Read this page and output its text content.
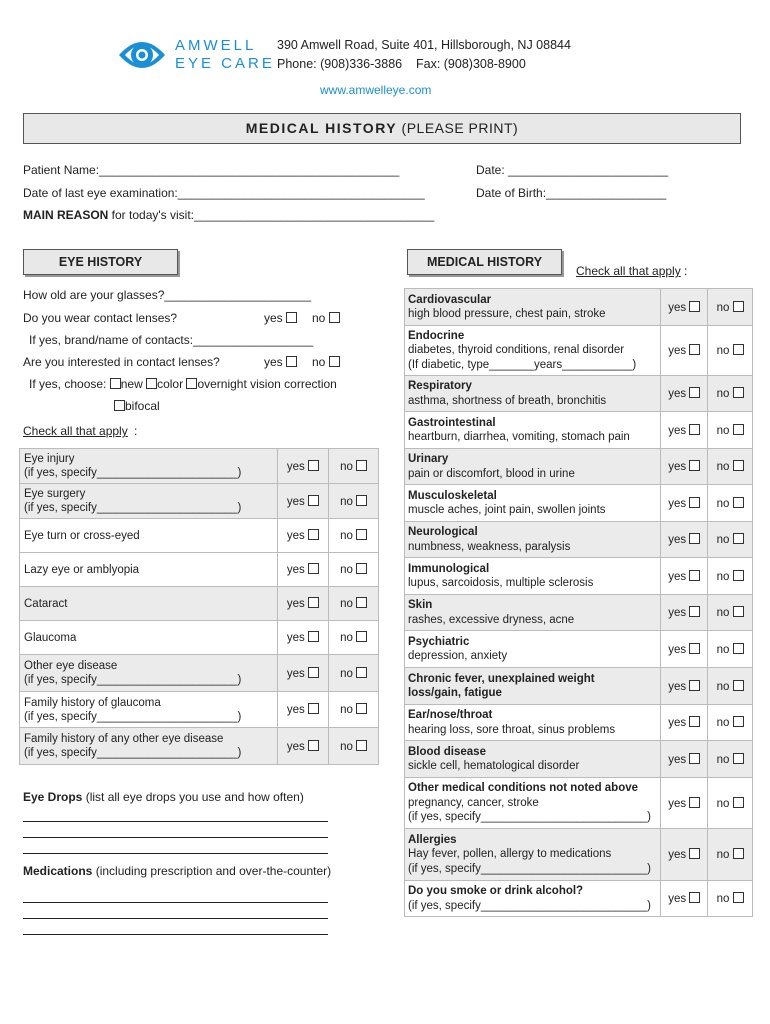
AMWELL
EYE CARE
390 Amwell Road, Suite 401, Hillsborough, NJ 08844
Phone: (908)336-3886    Fax: (908)308-8900
www.amwelleye.com
MEDICAL HISTORY (PLEASE PRINT)
Patient Name:_____________________________________________	Date: ________________________
Date of last eye examination:_____________________________________	Date of Birth:__________________
MAIN REASON for today's visit:____________________________________
EYE HISTORY
How old are your glasses?______________________
Do you wear contact lenses?	yes	no
If yes, brand/name of contacts:__________________
Are you interested in contact lenses?	yes	no
If yes, choose: new color overnight vision correction
bifocal
Check all that apply :
Eye injury
(if yes, specify______________________)	yes	no

Eye surgery
(if yes, specify______________________)	yes	no

Eye turn or cross-eyed	yes	no

Lazy eye or amblyopia	yes	no

Cataract	yes	no

Glaucoma	yes	no

Other eye disease
(if yes, specify______________________)	yes	no

Family history of glaucoma
(if yes, specify______________________)	yes	no

Family history of any other eye disease
(if yes, specify______________________)	yes	no
Eye Drops (list all eye drops you use and how often)
Medications (including prescription and over-the-counter)
MEDICAL HISTORY
Check all that apply :
Cardiovascular
high blood pressure, chest pain, stroke	yes	no

Endocrine
diabetes, thyroid conditions, renal disorder
(If diabetic, type_______years___________)	yes	no

Respiratory
asthma, shortness of breath, bronchitis	yes	no

Gastrointestinal
heartburn, diarrhea, vomiting, stomach pain	yes	no

Urinary
pain or discomfort, blood in urine	yes	no

Musculoskeletal
muscle aches, joint pain, swollen joints	yes	no

Neurological
numbness, weakness, paralysis	yes	no

Immunological
lupus, sarcoidosis, multiple sclerosis	yes	no

Skin
rashes, excessive dryness, acne	yes	no

Psychiatric
depression, anxiety	yes	no

Chronic fever, unexplained weight
loss/gain, fatigue	yes	no

Ear/nose/throat
hearing loss, sore throat, sinus problems	yes	no

Blood disease
sickle cell, hematological disorder	yes	no

Other medical conditions not noted above
pregnancy, cancer, stroke
(if yes, specify__________________________)	yes	no

Allergies
Hay fever, pollen, allergy to medications
(if yes, specify__________________________)	yes	no

Do you smoke or drink alcohol?
(if yes, specify__________________________)	yes	no
